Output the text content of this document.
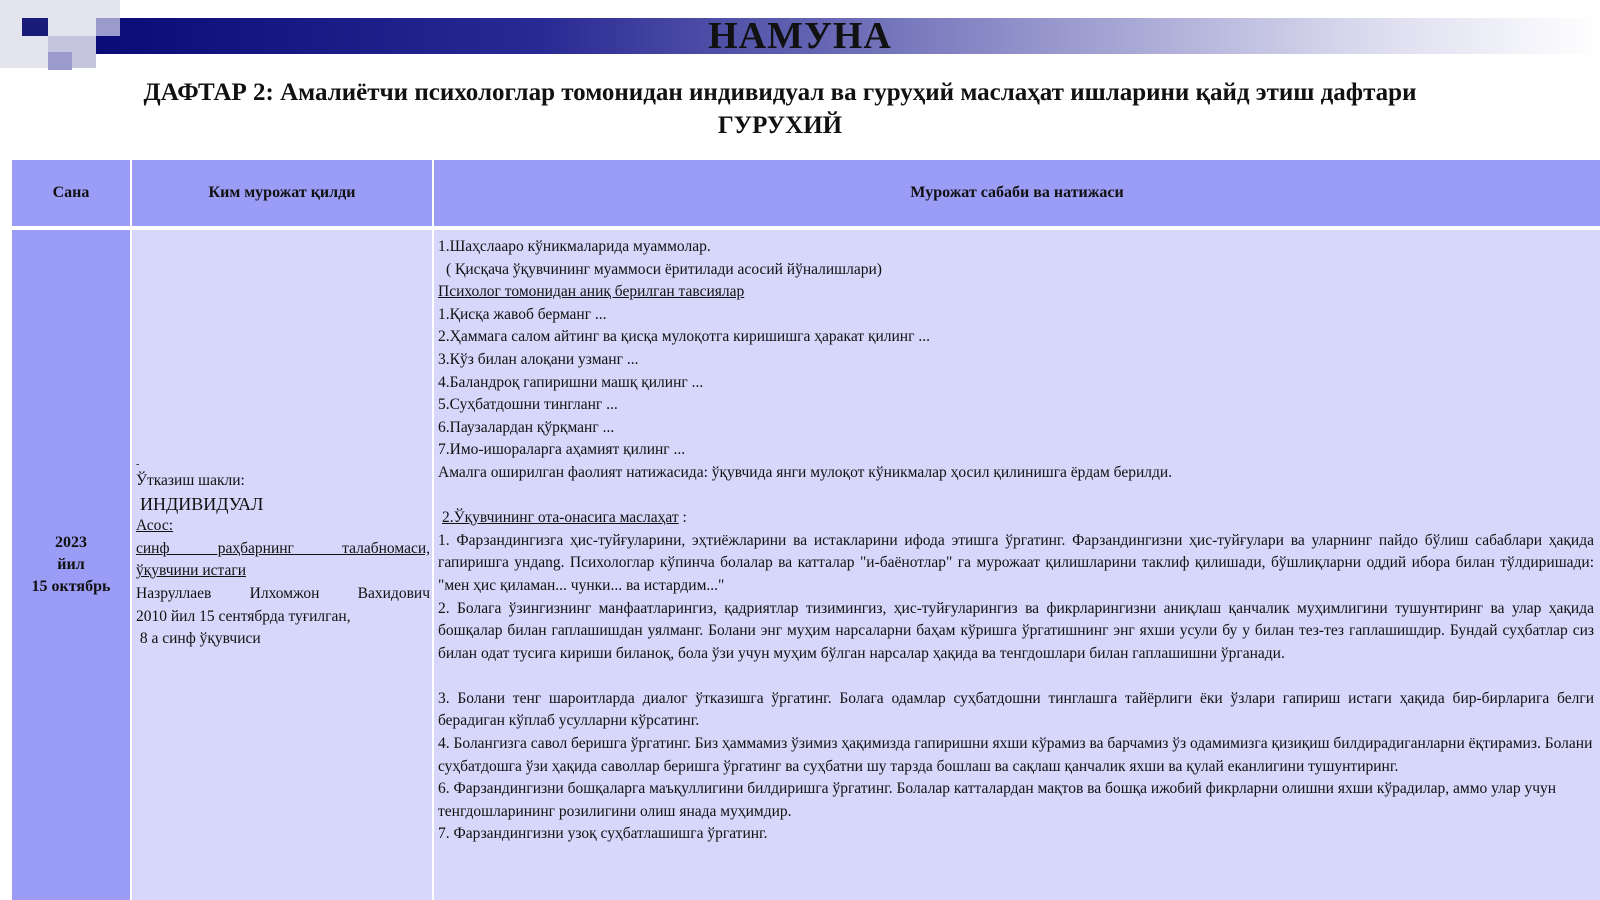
НАМУНА
ДАФТАР 2: Амалиётчи психологлар томонидан индивидуал ва гуруҳий маслаҳат ишларини қайд этиш дафтари
ГУРУХИЙ
Сана	Ким мурожат қилди	Мурожат сабаби ва натижаси
2023
йил
15 октябрь
-
Ўтказиш шакли:
ИНДИВИДУАЛ
Асос:
синф раҳбарнинг талабномаси,
ўқувчини истаги
Назруллаев Илхомжон Вахидович
2010 йил 15 сентябрда туғилган,
8 а синф ўқувчиси
1.Шаҳслааро кўникмаларида муаммолар.
( Қисқача ўқувчининг муаммоси ёритилади асосий йўналишлари)
Психолог томонидан аниқ берилган тавсиялар
1.Қисқа жавоб берманг ...
2.Ҳаммага салом айтинг ва қисқа мулоқотга киришишга ҳаракат қилинг ...
3.Кўз билан алоқани узманг ...
4.Баландроқ гапиришни машқ қилинг ...
5.Суҳбатдошни тингланг ...
6.Паузалардан қўрқманг ...
7.Имо-ишораларга аҳамият қилинг ...
Амалга оширилган фаолият натижасида: ўқувчида янги мулоқот кўникмалар ҳосил қилинишга ёрдам берилди.
2.Ўқувчининг ота-онасига маслаҳат :
1. Фарзандингизга ҳис-туйғуларини, эҳтиёжларини ва истакларини ифода этишга ўргатинг. Фарзандингизни ҳис-туйғулари ва уларнинг пайдо бўлиш сабаблари ҳақида гапиришга ундаng. Психологлар кўпинча болалар ва катталар "и-баёнотлар" га мурожаат қилишларини таклиф қилишади, бўшлиқларни оддий ибора билан тўлдиришади: "мен ҳис қиламан... чунки... ва истардим..."
2. Болага ўзингизнинг манфаатларингиз, қадриятлар тизимингиз, ҳис-туйғуларингиз ва фикрларингизни аниқлаш қанчалик муҳимлигини тушунтиринг ва улар ҳақида бошқалар билан гаплашишдан уялманг. Болани энг муҳим нарсаларни баҳам кўришга ўргатишнинг энг яхши усули бу у билан тез-тез гаплашишдир. Бундай суҳбатлар сиз билан одат тусига кириши биланоқ, бола ўзи учун муҳим бўлган нарсалар ҳақида ва тенгдошлари билан гаплашишни ўрганади.
3. Болани тенг шароитларда диалог ўтказишга ўргатинг. Болага одамлар суҳбатдошни тинглашга тайёрлиги ёки ўзлари гапириш истаги ҳақида бир-бирларига белги берадиган кўплаб усулларни кўрсатинг.
4. Болангизга савол беришга ўргатинг. Биз ҳаммамиз ўзимиз ҳақимизда гапиришни яхши кўрамиз ва барчамиз ўз одамимизга қизиқиш билдирадиганларни ёқтирамиз. Болани суҳбатдошга ўзи ҳақида саволлар беришга ўргатинг ва суҳбатни шу тарзда бошлаш ва сақлаш қанчалик яхши ва қулай еканлигини тушунтиринг.
6. Фарзандингизни бошқаларга маъқуллигини билдиришга ўргатинг. Болалар катталардан мақтов ва бошқа ижобий фикрларни олишни яхши кўрадилар, аммо улар учун тенгдошларининг розилигини олиш янада муҳимдир.
7. Фарзандингизни узоқ суҳбатлашишга ўргатинг.
